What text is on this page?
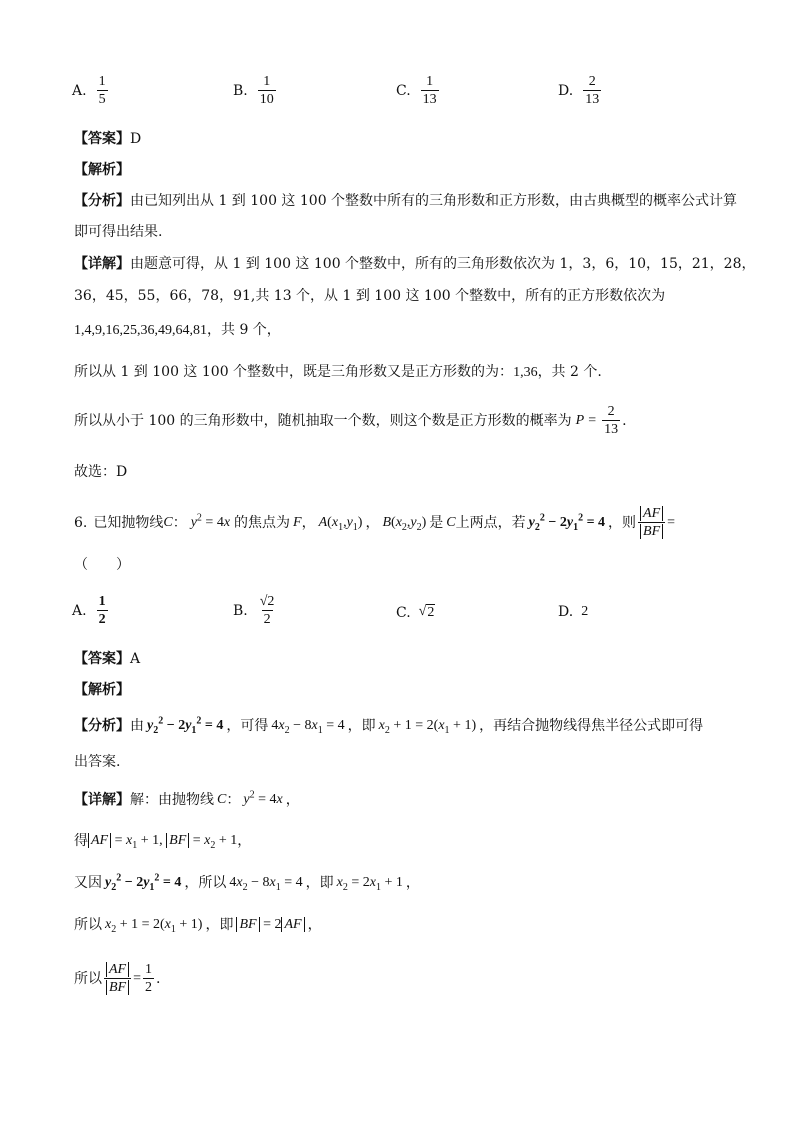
A. $\frac{1}{5}$	B. $\frac{1}{10}$	C. $\frac{1}{13}$	D. $\frac{2}{13}$
【答案】D
【解析】
【分析】由已知列出从 1 到 100 这 100 个整数中所有的三角形数和正方形数，由古典概型的概率公式计算
即可得出结果.
【详解】由题意可得，从 1 到 100 这 100 个整数中，所有的三角形数依次为 1，3，6，10，15，21，28，
36，45，55，66，78，91,共 13 个，从 1 到 100 这 100 个整数中，所有的正方形数依次为
1,4,9,16,25,36,49,64,81，共 9 个，
所以从 1 到 100 这 100 个整数中，既是三角形数又是正方形数的为：1,36，共 2 个.
所以从小于 100 的三角形数中，随机抽取一个数，则这个数是正方形数的概率为 $P = \frac{2}{13}$ .
故选：D
6. 已知抛物线 C ： $y^2 = 4x$ 的焦点为 F ， $A(x_1,y_1)$ ， $B(x_2,y_2)$ 是 C 上两点，若 $y_2^2 - 2y_1^2 = 4$ ，则 $\frac{AF}{BF}$ =
（　　）
A. $\frac{1}{2}$	B. $\frac{√2}{2}$	C. √ 2	D. 2
【答案】A
【解析】
【分析】 由 $y_2^2 - 2y_1^2 = 4$ ，可得 $4x_2 - 8x_1 = 4$ ，即 $x_2 + 1 = 2(x_1 + 1)$ ，再结合抛物线得焦半径公式即可得
出答案.
【详解】 解：由抛物线 C ： $y^2 = 4x$ ，
得 AF = $x_1 + 1$, BF = $x_2 + 1$ ，
又因 $y_2^2 - 2y_1^2 = 4$ ， 所以 $4x_2 - 8x_1 = 4$ ，即 $x_2 = 2x_1 + 1$ ，
所以 $x_2 + 1 = 2(x_1 + 1)$ ，即 BF = 2 AF ，
所以 $\frac{AF}{BF} = \frac{1}{2}$ .
